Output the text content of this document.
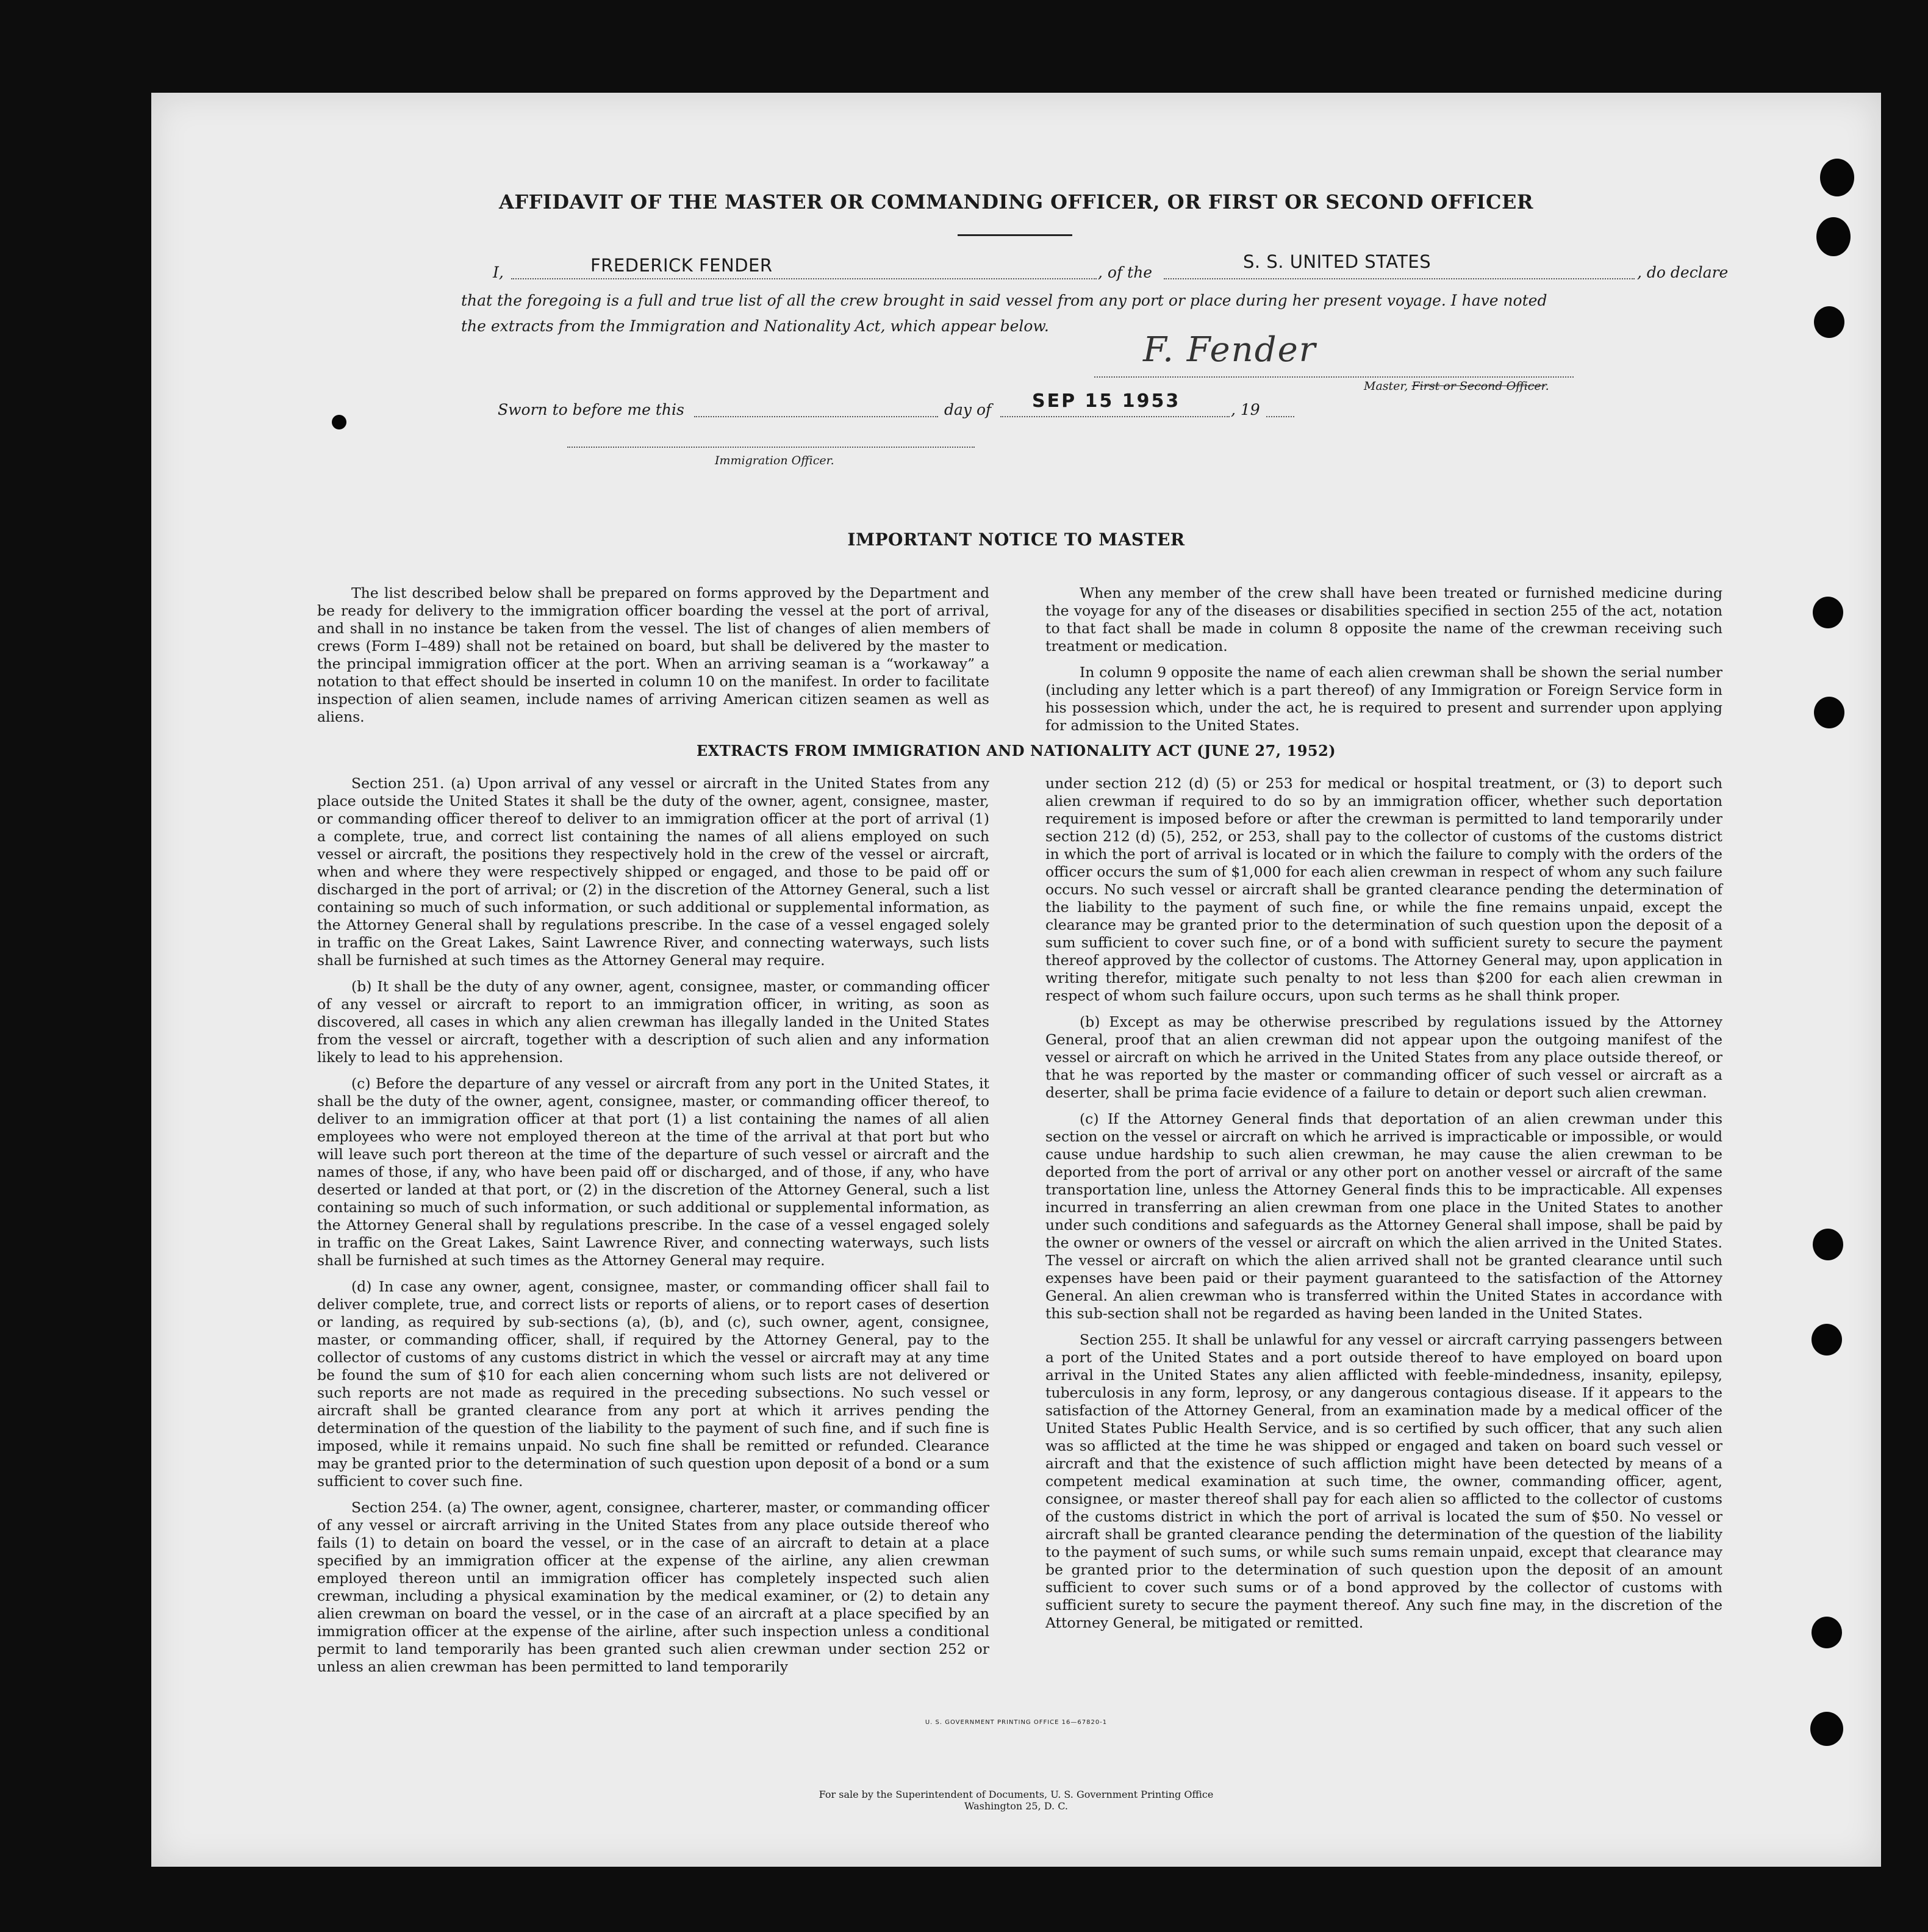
AFFIDAVIT OF THE MASTER OR COMMANDING OFFICER, OR FIRST OR SECOND OFFICER
I,	FREDERICK FENDER	, of the
S. S. UNITED STATES
, do declare
that the foregoing is a full and true list of all the crew brought in said vessel from any port or place during her present voyage. I have noted
the extracts from the Immigration and Nationality Act, which appear below.
F. Fender
Master, First or Second Officer.
Sworn to before me this	day of SEP 15 1953	, 19
Immigration Officer.
IMPORTANT NOTICE TO MASTER

The list described below shall be prepared on forms approved by the Department and be ready for delivery to the immigration officer boarding the vessel at the port of arrival, and shall in no instance be taken from the vessel. The list of changes of alien members of crews (Form I–489) shall not be retained on board, but shall be delivered by the master to the principal immigration officer at the port. When an arriving seaman is a “workaway” a notation to that effect should be inserted in column 10 on the manifest. In order to facilitate inspection of alien seamen, include names of arriving American citizen seamen as well as aliens.

When any member of the crew shall have been treated or furnished medicine during the voyage for any of the diseases or disabilities specified in section 255 of the act, notation to that fact shall be made in column 8 opposite the name of the crewman receiving such treatment or medication.

In column 9 opposite the name of each alien crewman shall be shown the serial number (including any letter which is a part thereof) of any Immigration or Foreign Service form in his possession which, under the act, he is required to present and surrender upon applying for admission to the United States.

EXTRACTS FROM IMMIGRATION AND NATIONALITY ACT (JUNE 27, 1952)

Section 251. (a) Upon arrival of any vessel or aircraft in the United States from any place outside the United States it shall be the duty of the owner, agent, consignee, master, or commanding officer thereof to deliver to an immigration officer at the port of arrival (1) a complete, true, and correct list containing the names of all aliens employed on such vessel or aircraft, the positions they respectively hold in the crew of the vessel or aircraft, when and where they were respectively shipped or engaged, and those to be paid off or discharged in the port of arrival; or (2) in the discretion of the Attorney General, such a list containing so much of such information, or such additional or supplemental information, as the Attorney General shall by regulations prescribe. In the case of a vessel engaged solely in traffic on the Great Lakes, Saint Lawrence River, and connecting waterways, such lists shall be furnished at such times as the Attorney General may require.

(b) It shall be the duty of any owner, agent, consignee, master, or commanding officer of any vessel or aircraft to report to an immigration officer, in writing, as soon as discovered, all cases in which any alien crewman has illegally landed in the United States from the vessel or aircraft, together with a description of such alien and any information likely to lead to his apprehension.

(c) Before the departure of any vessel or aircraft from any port in the United States, it shall be the duty of the owner, agent, consignee, master, or commanding officer thereof, to deliver to an immigration officer at that port (1) a list containing the names of all alien employees who were not employed thereon at the time of the arrival at that port but who will leave such port thereon at the time of the departure of such vessel or aircraft and the names of those, if any, who have been paid off or discharged, and of those, if any, who have deserted or landed at that port, or (2) in the discretion of the Attorney General, such a list containing so much of such information, or such additional or supplemental information, as the Attorney General shall by regulations prescribe. In the case of a vessel engaged solely in traffic on the Great Lakes, Saint Lawrence River, and connecting waterways, such lists shall be furnished at such times as the Attorney General may require.

(d) In case any owner, agent, consignee, master, or commanding officer shall fail to deliver complete, true, and correct lists or reports of aliens, or to report cases of desertion or landing, as required by sub-sections (a), (b), and (c), such owner, agent, consignee, master, or commanding officer, shall, if required by the Attorney General, pay to the collector of customs of any customs district in which the vessel or aircraft may at any time be found the sum of $10 for each alien concerning whom such lists are not delivered or such reports are not made as required in the preceding subsections. No such vessel or aircraft shall be granted clearance from any port at which it arrives pending the determination of the question of the liability to the payment of such fine, and if such fine is imposed, while it remains unpaid. No such fine shall be remitted or refunded. Clearance may be granted prior to the determination of such question upon deposit of a bond or a sum sufficient to cover such fine.

Section 254. (a) The owner, agent, consignee, charterer, master, or commanding officer of any vessel or aircraft arriving in the United States from any place outside thereof who fails (1) to detain on board the vessel, or in the case of an aircraft to detain at a place specified by an immigration officer at the expense of the airline, any alien crewman employed thereon until an immigration officer has completely inspected such alien crewman, including a physical examination by the medical examiner, or (2) to detain any alien crewman on board the vessel, or in the case of an aircraft at a place specified by an immigration officer at the expense of the airline, after such inspection unless a conditional permit to land temporarily has been granted such alien crewman under section 252 or unless an alien crewman has been permitted to land temporarily

under section 212 (d) (5) or 253 for medical or hospital treatment, or (3) to deport such alien crewman if required to do so by an immigration officer, whether such deportation requirement is imposed before or after the crewman is permitted to land temporarily under section 212 (d) (5), 252, or 253, shall pay to the collector of customs of the customs district in which the port of arrival is located or in which the failure to comply with the orders of the officer occurs the sum of $1,000 for each alien crewman in respect of whom any such failure occurs. No such vessel or aircraft shall be granted clearance pending the determination of the liability to the payment of such fine, or while the fine remains unpaid, except the clearance may be granted prior to the determination of such question upon the deposit of a sum sufficient to cover such fine, or of a bond with sufficient surety to secure the payment thereof approved by the collector of customs. The Attorney General may, upon application in writing therefor, mitigate such penalty to not less than $200 for each alien crewman in respect of whom such failure occurs, upon such terms as he shall think proper.

(b) Except as may be otherwise prescribed by regulations issued by the Attorney General, proof that an alien crewman did not appear upon the outgoing manifest of the vessel or aircraft on which he arrived in the United States from any place outside thereof, or that he was reported by the master or commanding officer of such vessel or aircraft as a deserter, shall be prima facie evidence of a failure to detain or deport such alien crewman.

(c) If the Attorney General finds that deportation of an alien crewman under this section on the vessel or aircraft on which he arrived is impracticable or impossible, or would cause undue hardship to such alien crewman, he may cause the alien crewman to be deported from the port of arrival or any other port on another vessel or aircraft of the same transportation line, unless the Attorney General finds this to be impracticable. All expenses incurred in transferring an alien crewman from one place in the United States to another under such conditions and safeguards as the Attorney General shall impose, shall be paid by the owner or owners of the vessel or aircraft on which the alien arrived in the United States. The vessel or aircraft on which the alien arrived shall not be granted clearance until such expenses have been paid or their payment guaranteed to the satisfaction of the Attorney General. An alien crewman who is transferred within the United States in accordance with this sub-section shall not be regarded as having been landed in the United States.

Section 255. It shall be unlawful for any vessel or aircraft carrying passengers between a port of the United States and a port outside thereof to have employed on board upon arrival in the United States any alien afflicted with feeble-mindedness, insanity, epilepsy, tuberculosis in any form, leprosy, or any dangerous contagious disease. If it appears to the satisfaction of the Attorney General, from an examination made by a medical officer of the United States Public Health Service, and is so certified by such officer, that any such alien was so afflicted at the time he was shipped or engaged and taken on board such vessel or aircraft and that the existence of such affliction might have been detected by means of a competent medical examination at such time, the owner, commanding officer, agent, consignee, or master thereof shall pay for each alien so afflicted to the collector of customs of the customs district in which the port of arrival is located the sum of $50. No vessel or aircraft shall be granted clearance pending the determination of the question of the liability to the payment of such sums, or while such sums remain unpaid, except that clearance may be granted prior to the determination of such question upon the deposit of an amount sufficient to cover such sums or of a bond approved by the collector of customs with sufficient surety to secure the payment thereof. Any such fine may, in the discretion of the Attorney General, be mitigated or remitted.

U. S. GOVERNMENT PRINTING OFFICE 16—67820-1
For sale by the Superintendent of Documents, U. S. Government Printing Office
Washington 25, D. C.
